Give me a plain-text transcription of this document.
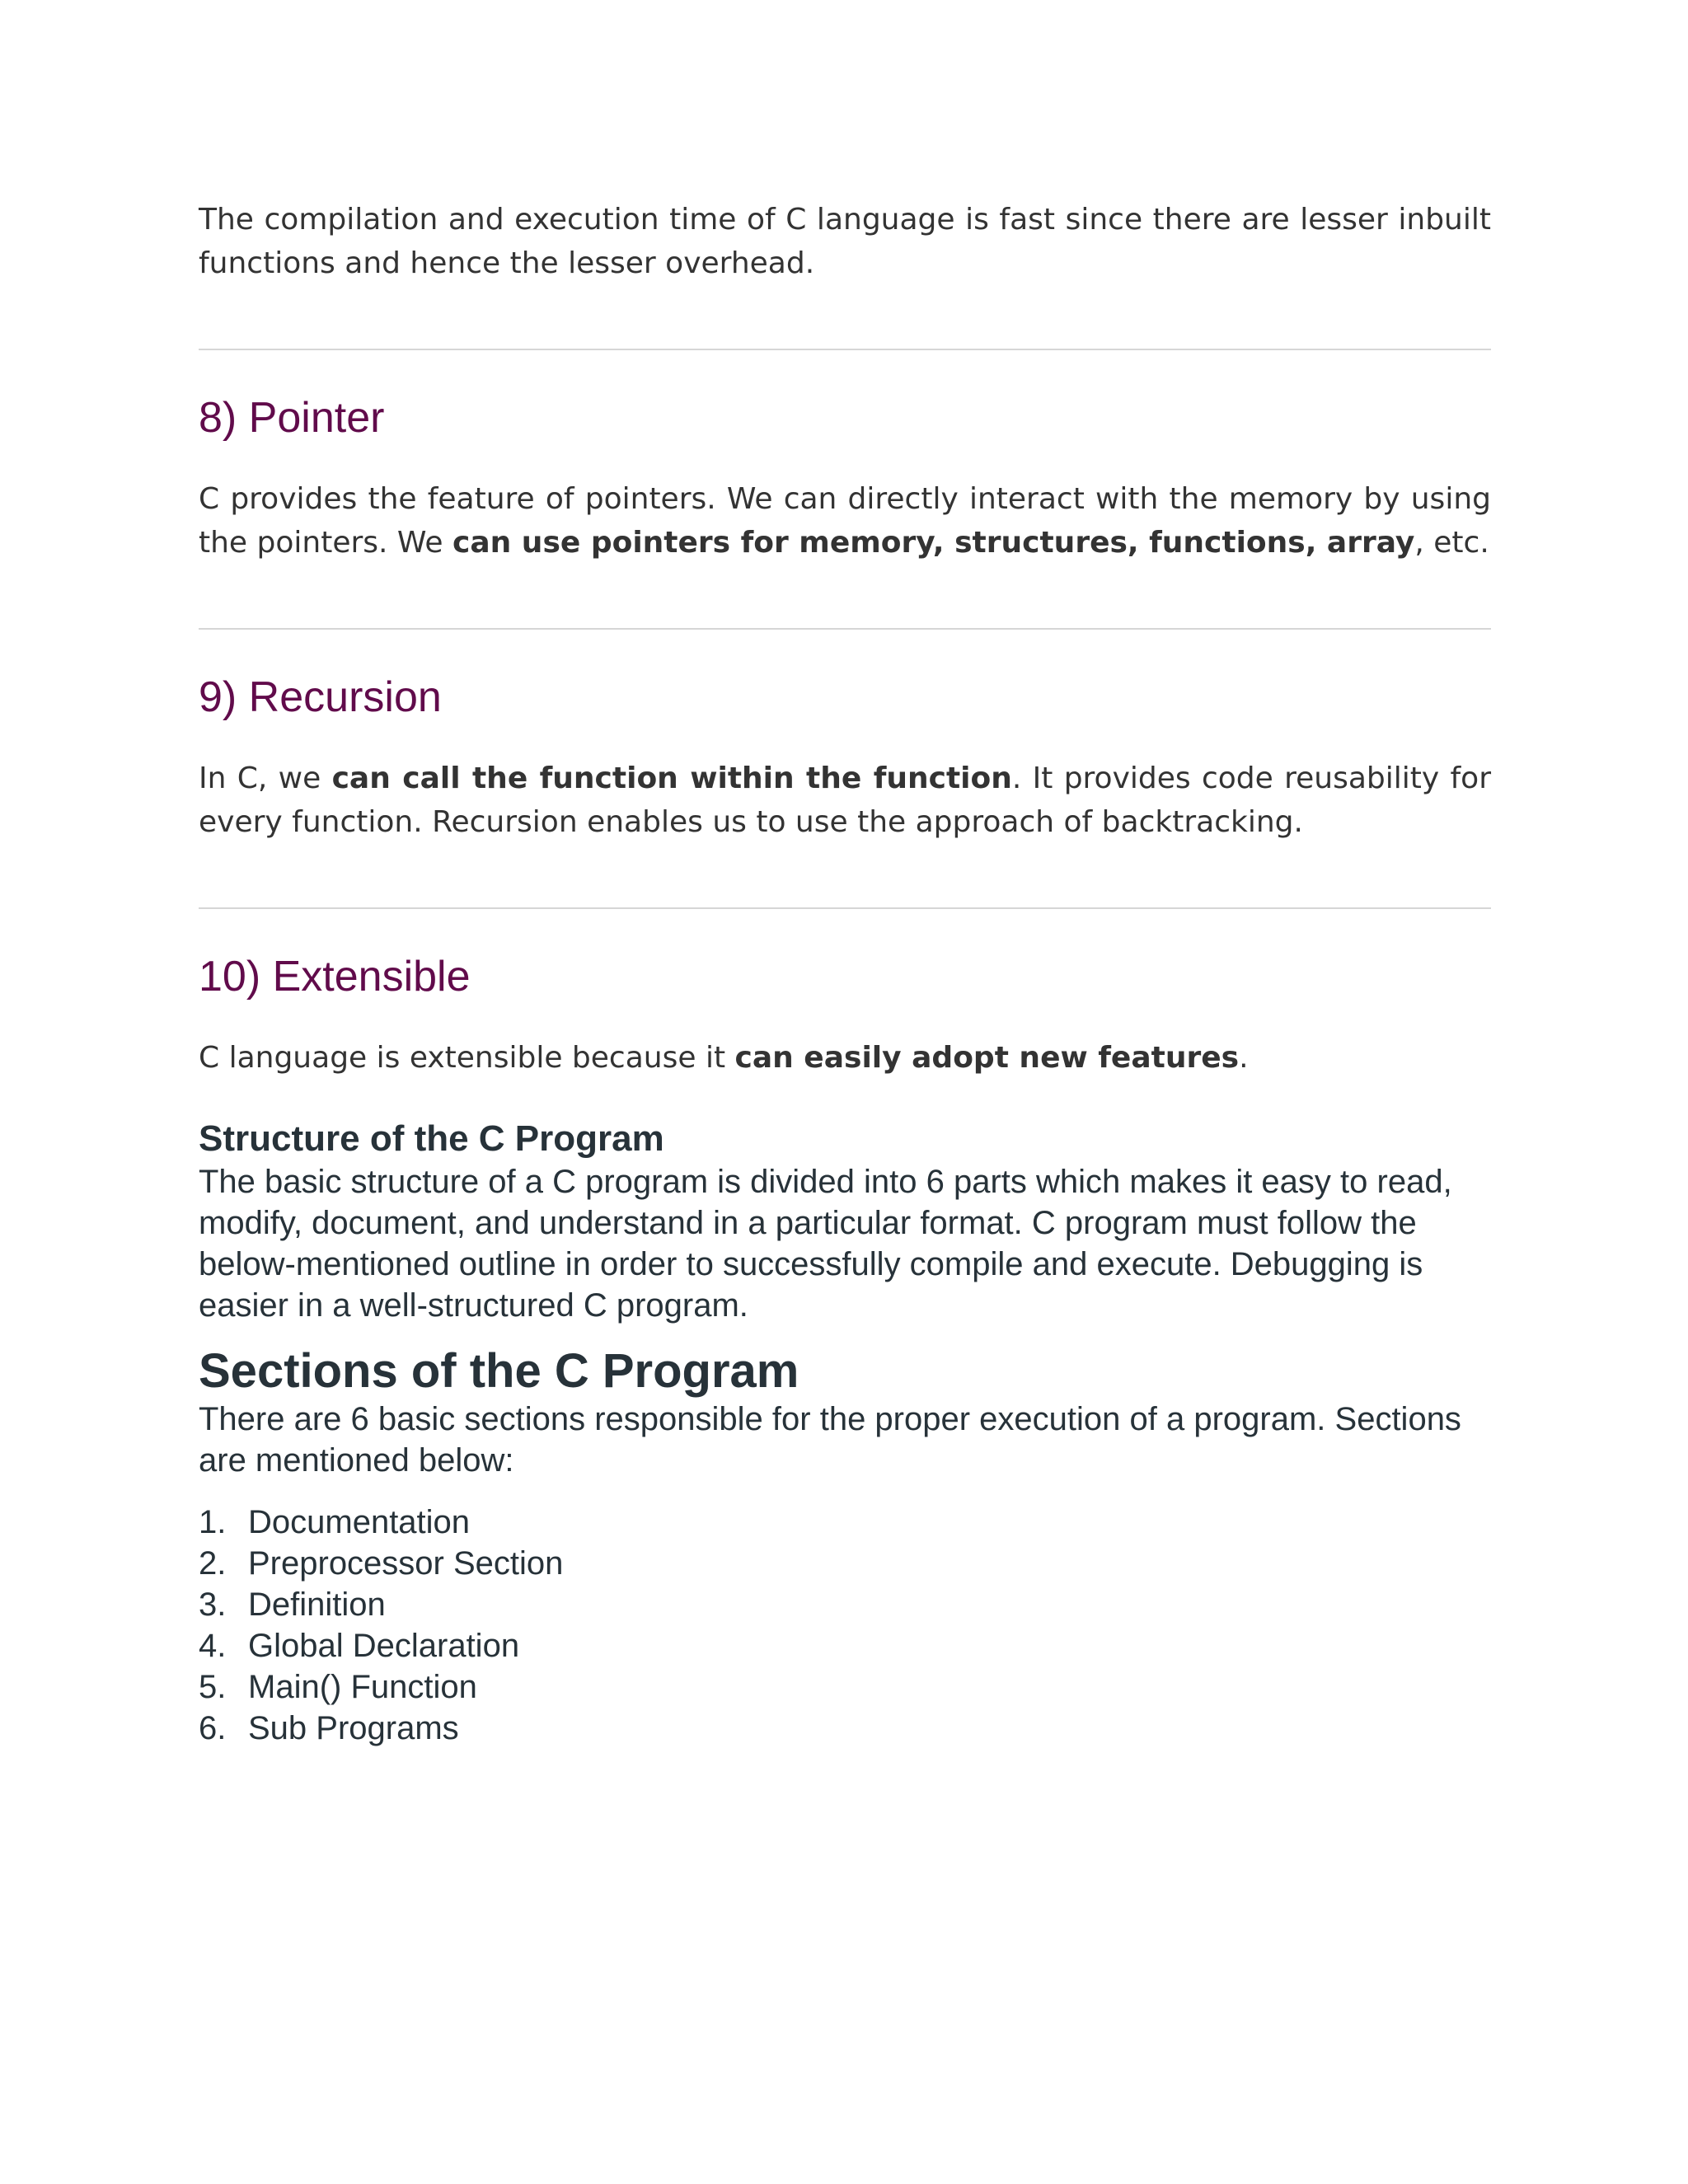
The compilation and execution time of C language is fast since there are lesser inbuilt functions and hence the lesser overhead.

8) Pointer

C provides the feature of pointers. We can directly interact with the memory by using the pointers. We can use pointers for memory, structures, functions, array, etc.

9) Recursion

In C, we can call the function within the function. It provides code reusability for every function. Recursion enables us to use the approach of backtracking.

10) Extensible

C language is extensible because it can easily adopt new features.

Structure of the C Program

The basic structure of a C program is divided into 6 parts which makes it easy to read, modify, document, and understand in a particular format. C program must follow the below-mentioned outline in order to successfully compile and execute. Debugging is easier in a well-structured C program.

Sections of the C Program

There are 6 basic sections responsible for the proper execution of a program. Sections are mentioned below:

1. Documentation
2. Preprocessor Section
3. Definition
4. Global Declaration
5. Main() Function
6. Sub Programs
